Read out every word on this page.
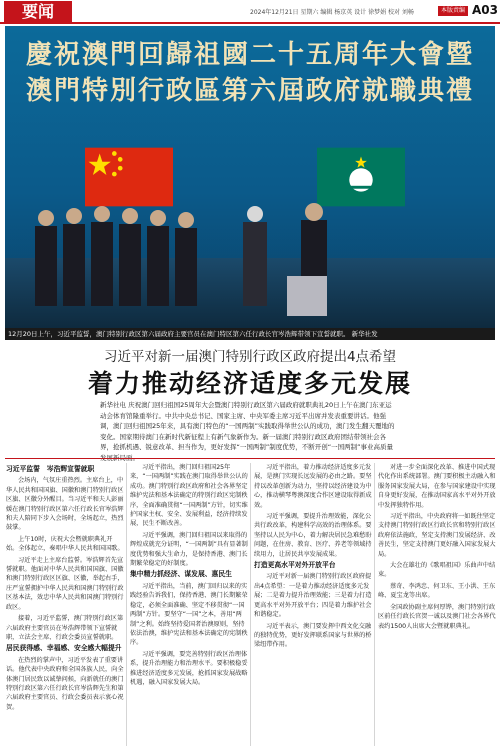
要闻	2024年12月21日 星期六 编辑 杨京英 设计 徐梦娟 校对 刘畅	本版责编 A03
慶祝澳門回歸祖國二十五周年大會暨
澳門特別行政區第六屆政府就職典禮
12月20日上午，习近平监誓，澳门特别行政区第六届政府主要官员在澳门特区第六任行政长官岑浩辉带领下宣誓就职。 新华社发
习近平对新一届澳门特别行政区政府提出4点希望
着力推动经济适度多元发展
新华社电 庆祝澳门回归祖国25周年大会暨澳门特别行政区第六届政府就职典礼20日上午在澳门东亚运动会体育馆隆重举行。中共中央总书记、国家主席、中央军委主席习近平出席并发表重要讲话。他强调，澳门回归祖国25年来，具有澳门特色的“一国两制”实践取得举世公认的成功，澳门发生翻天覆地的变化。国家期待澳门在新时代新征程上有新气象新作为。新一届澳门特别行政区政府团结带领社会各界，抢抓机遇、锐意改革、担当作为，更好发挥“一国两制”制度优势，不断开创“一国两制”事业高质量

习近平监誓　岑浩辉宣誓就职

会场内，气氛庄重热烈。主席台上，中华人民共和国国旗、国徽和澳门特别行政区区旗、区徽分外醒目。当习近平和夫人彭丽媛在澳门特别行政区第六任行政长官岑浩辉和夫人陪同下步入会场时，全场起立，热烈鼓掌。

上午10时，庆祝大会暨就职典礼开始。全体起立，奏唱中华人民共和国国歌。

习近平走上主席台监誓。岑浩辉首先宣誓就职。他面对中华人民共和国国旗、国徽和澳门特别行政区区旗、区徽，举起右手，庄严宣誓拥护中华人民共和国澳门特别行政区基本法，效忠中华人民共和国澳门特别行政区。

接着，习近平监誓，澳门特别行政区第六届政府主要官员在岑浩辉带领下宣誓就职，立法会主席、行政会委员宣誓就职。

居民获得感、幸福感、安全感大幅提升

在热烈的掌声中，习近平发表了重要讲话。他代表中央政府和全国各族人民，向全体澳门居民致以诚挚问候，向新就任的澳门特别行政区第六任行政长官岑浩辉先生和第六届政府主要官员、行政会委员表示衷心祝贺。

习近平指出，澳门回归祖国25年来，“一国两制”实践在澳门取得举世公认的成功。澳门特别行政区政府和社会各界坚定维护宪法和基本法确定的特别行政区宪制秩序，全面准确贯彻“一国两制”方针，切实维护国家主权、安全、发展利益，经济持续发展，民生不断改善。

习近平强调，澳门回归祖国以来取得的辉煌成就充分证明，“一国两制”具有显著制度优势和强大生命力，是保持香港、澳门长期繁荣稳定的好制度。

集中精力抓经济、谋发展、惠民生

习近平指出，当前，澳门回归以来的实践经验告诉我们，保持香港、澳门长期繁荣稳定，必须全面准确、坚定不移贯彻“一国两制”方针。要坚守“一国”之本，善用“两制”之利。始终坚持爱国者治澳原则，坚持依法治澳，维护宪法和基本法确定的宪制秩序。

习近平强调，要完善特别行政区治理体系，提升治理能力和治理水平。要积极稳妥推进经济适度多元发展，抢抓国家发展战略机遇，融入国家发展大局。

习近平指出，着力推动经济适度多元发展，是澳门实现长远发展的必由之路。要坚持以改革创新为动力，坚持以经济建设为中心，推动横琴粤澳深度合作区建设取得新成效。

习近平强调，要提升治理效能，深化公共行政改革，构建科学高效的治理体系。要坚持以人民为中心，着力解决居民急难愁盼问题，在住房、教育、医疗、养老等领域持续用力，让居民共享发展成果。

打造更高水平对外开放平台

习近平对新一届澳门特别行政区政府提出4点希望：一是着力推动经济适度多元发展；二是着力提升治理效能；三是着力打造更高水平对外开放平台；四是着力维护社会和谐稳定。

习近平表示，澳门要发挥中西文化交融的独特优势，更好发挥联系国家与世界的桥梁纽带作用。

对进一步全面深化改革、推进中国式现代化作出系统部署。澳门要积极主动融入和服务国家发展大局，在参与国家建设中实现自身更好发展，在推动国家高水平对外开放中发挥独特作用。

习近平指出，中央政府将一如既往坚定支持澳门特别行政区行政长官和特别行政区政府依法施政，坚定支持澳门发展经济、改善民生，坚定支持澳门更好融入国家发展大局。

大会在雄壮的《歌唱祖国》乐曲声中结束。

蔡奇、李鸿忠、何卫东、王小洪、王东峰、夏宝龙等出席。

全国政协副主席何厚铧，澳门特别行政区前任行政长官贺一诚以及澳门社会各界代表约1500人出席大会暨就职典礼。
